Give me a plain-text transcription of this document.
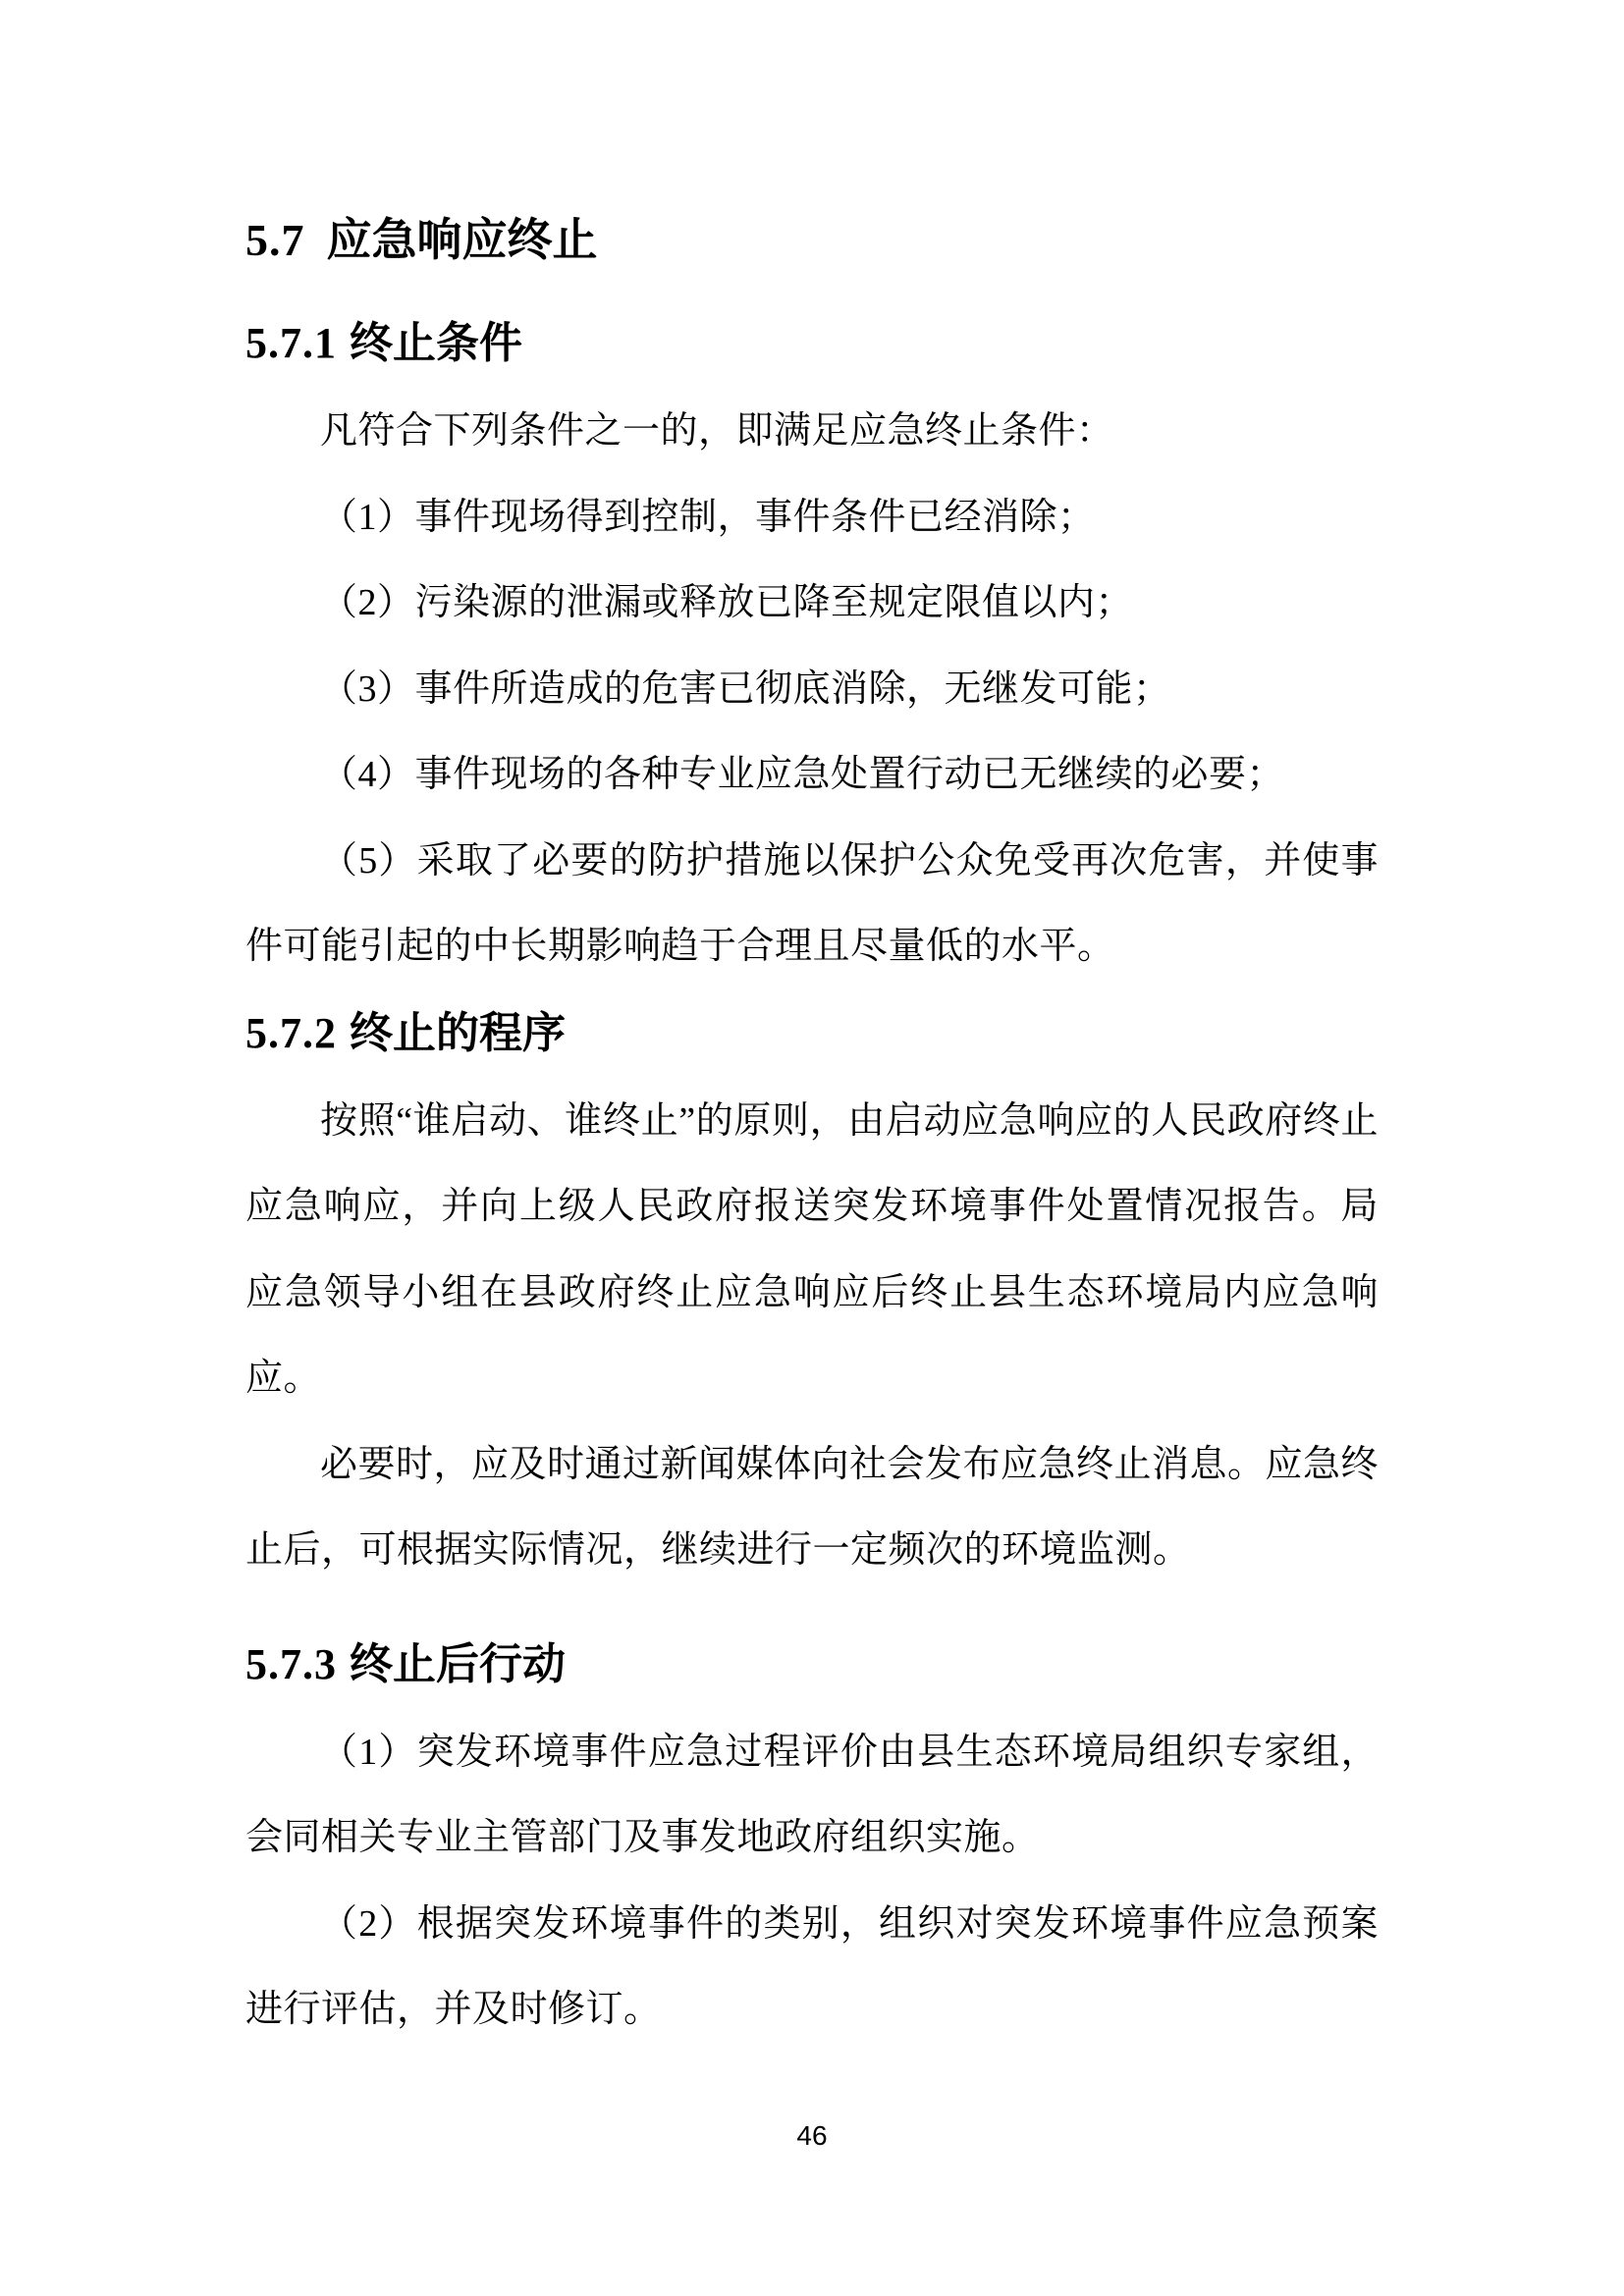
5.7 应急响应终止
5.7.1 终止条件

凡符合下列条件之一的，即满足应急终止条件：

（1）事件现场得到控制，事件条件已经消除；

（2）污染源的泄漏或释放已降至规定限值以内；

（3）事件所造成的危害已彻底消除，无继发可能；

（4）事件现场的各种专业应急处置行动已无继续的必要；

（5）采取了必要的防护措施以保护公众免受再次危害，并使事件可能引起的中长期影响趋于合理且尽量低的水平。

5.7.2 终止的程序

按照“谁启动、谁终止”的原则，由启动应急响应的人民政府终止应急响应，并向上级人民政府报送突发环境事件处置情况报告。局应急领导小组在县政府终止应急响应后终止县生态环境局内应急响应。

必要时，应及时通过新闻媒体向社会发布应急终止消息。应急终止后，可根据实际情况，继续进行一定频次的环境监测。

5.7.3 终止后行动

（1）突发环境事件应急过程评价由县生态环境局组织专家组，会同相关专业主管部门及事发地政府组织实施。

（2）根据突发环境事件的类别，组织对突发环境事件应急预案进行评估，并及时修订。

46
